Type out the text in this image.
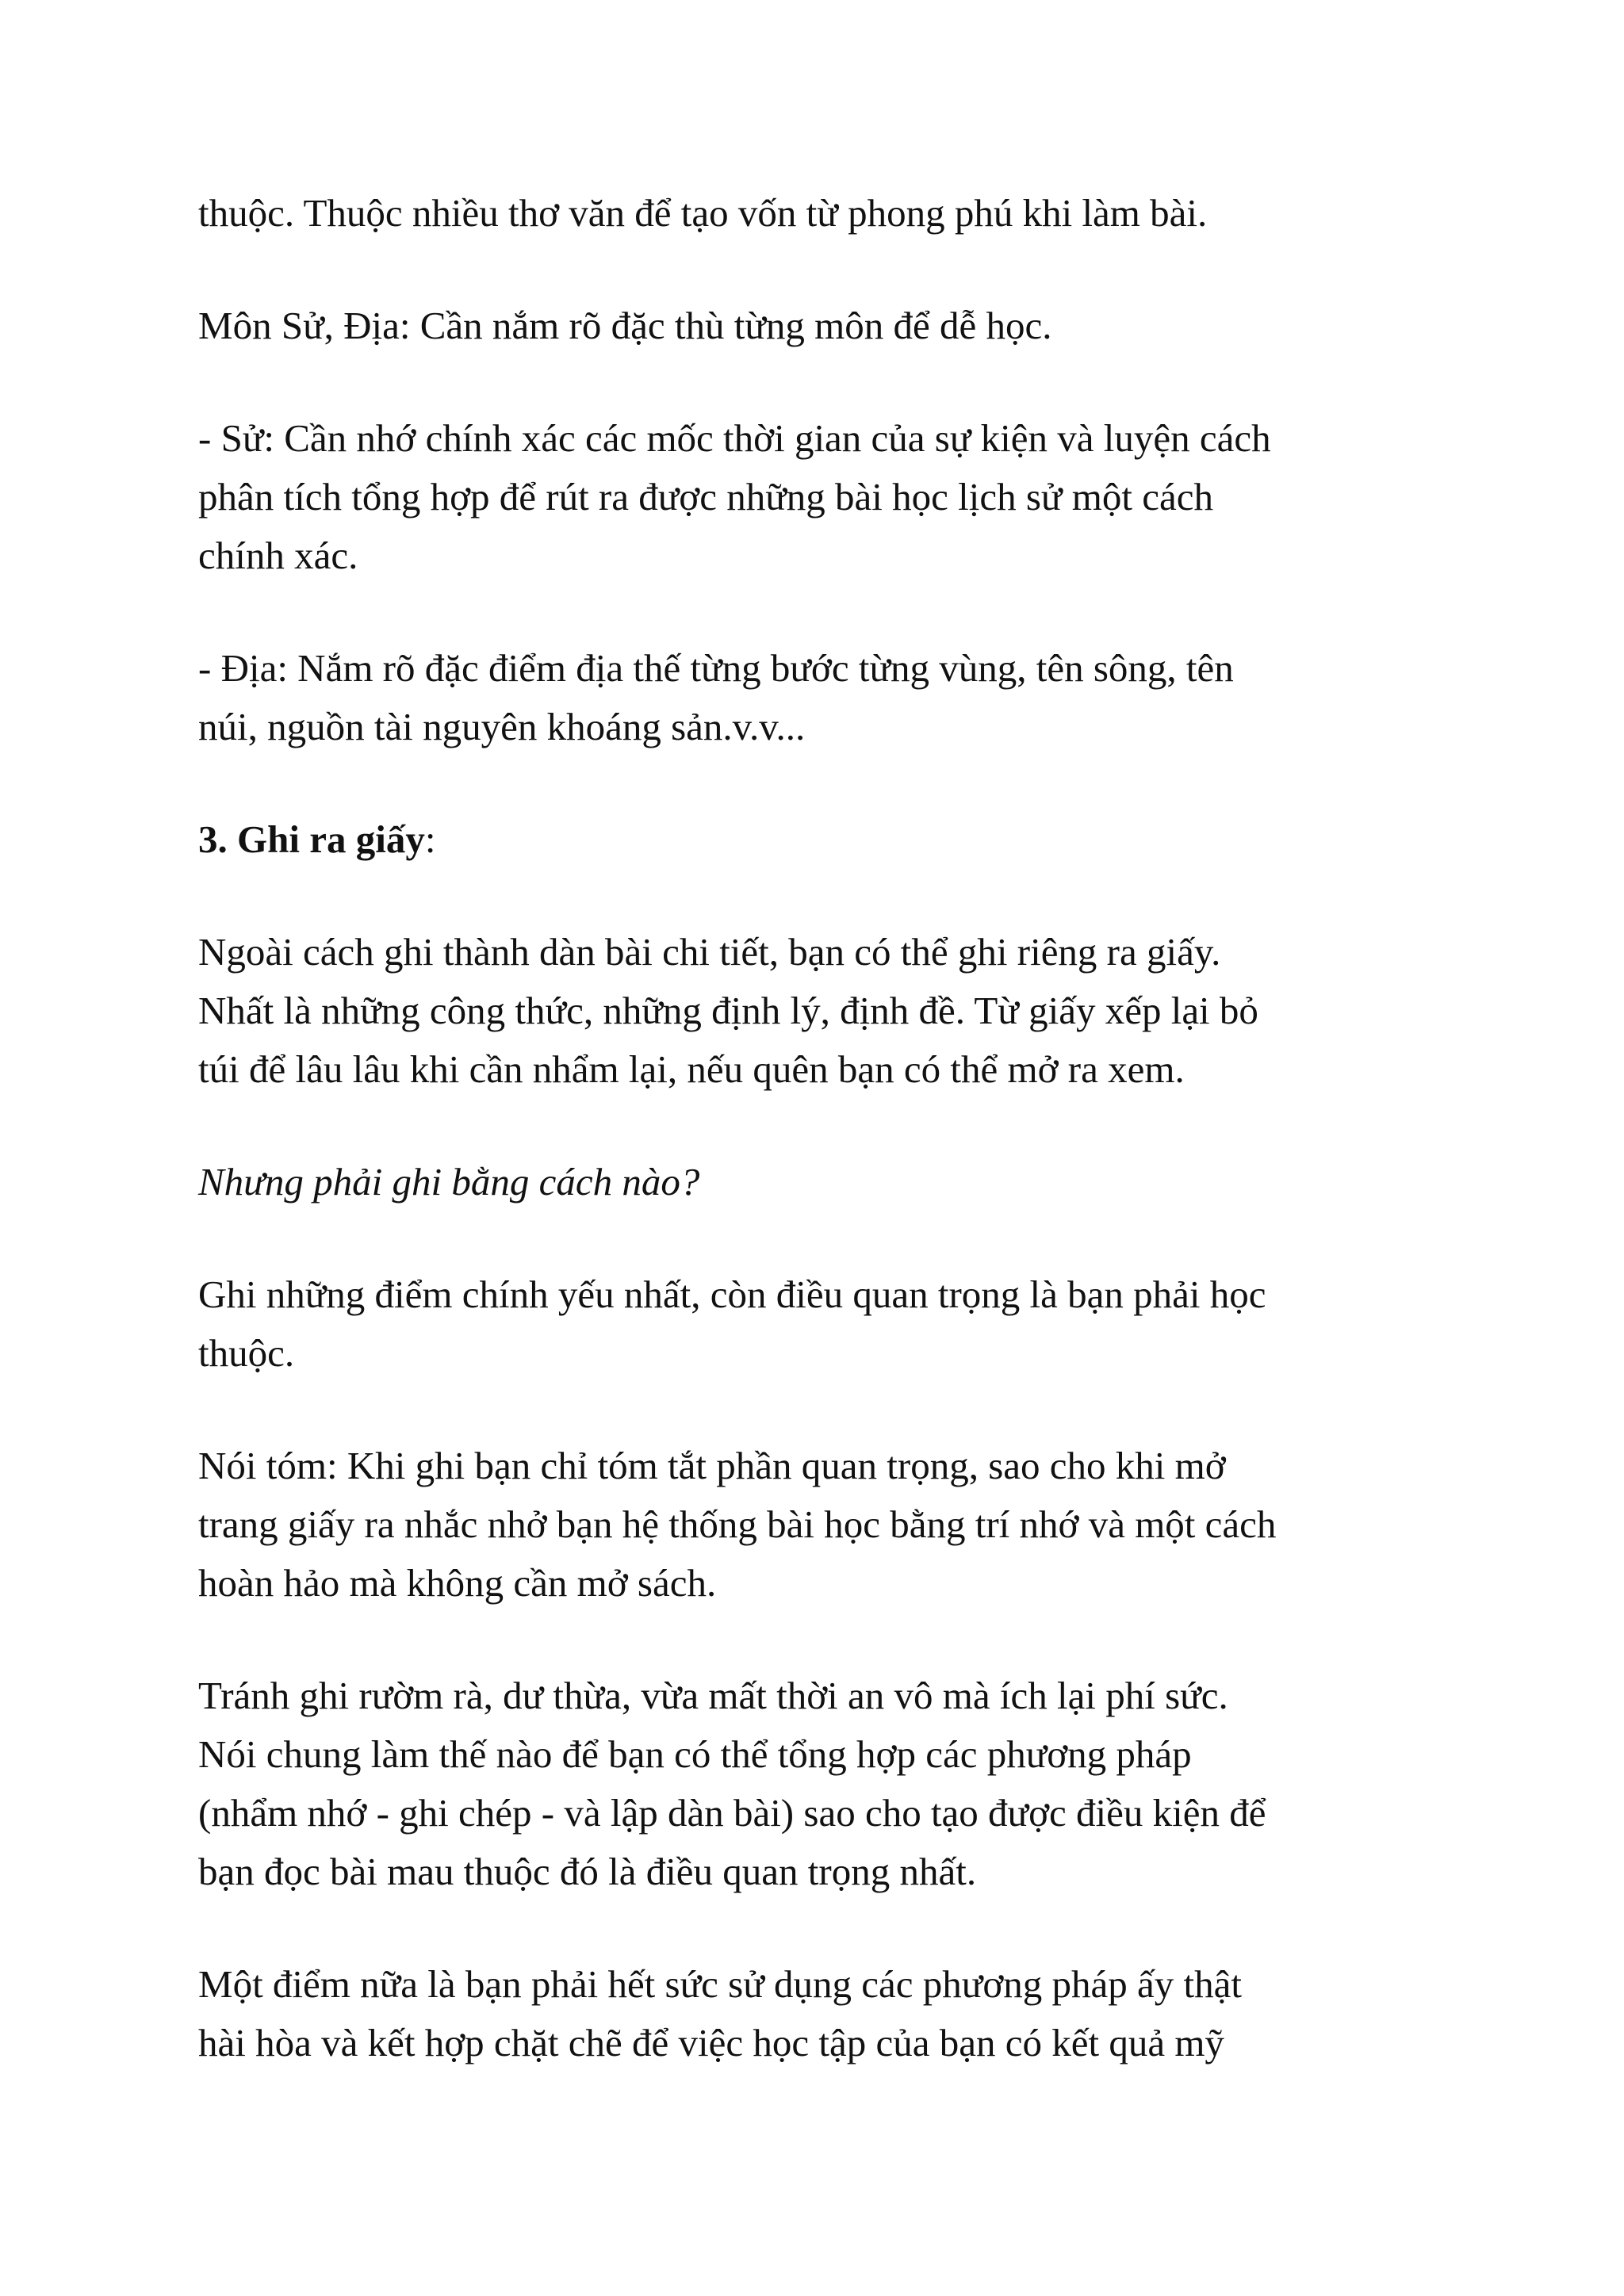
thuộc. Thuộc nhiều thơ văn để tạo vốn từ phong phú khi làm bài.

Môn Sử, Địa: Cần nắm rõ đặc thù từng môn để dễ học.

- Sử: Cần nhớ chính xác các mốc thời gian của sự kiện và luyện cách
phân tích tổng hợp để rút ra được những bài học lịch sử một cách
chính xác.

- Địa: Nắm rõ đặc điểm địa thế từng bước từng vùng, tên sông, tên
núi, nguồn tài nguyên khoáng sản.v.v...

3. Ghi ra giấy:

Ngoài cách ghi thành dàn bài chi tiết, bạn có thể ghi riêng ra giấy.
Nhất là những công thức, những định lý, định đề. Từ giấy xếp lại bỏ
túi để lâu lâu khi cần nhẩm lại, nếu quên bạn có thể mở ra xem.

Nhưng phải ghi bằng cách nào?

Ghi những điểm chính yếu nhất, còn điều quan trọng là bạn phải học
thuộc.

Nói tóm: Khi ghi bạn chỉ tóm tắt phần quan trọng, sao cho khi mở
trang giấy ra nhắc nhở bạn hệ thống bài học bằng trí nhớ và một cách
hoàn hảo mà không cần mở sách.

Tránh ghi rườm rà, dư thừa, vừa mất thời an vô mà ích lại phí sức.
Nói chung làm thế nào để bạn có thể tổng hợp các phương pháp
(nhẩm nhớ - ghi chép - và lập dàn bài) sao cho tạo được điều kiện để
bạn đọc bài mau thuộc đó là điều quan trọng nhất.

Một điểm nữa là bạn phải hết sức sử dụng các phương pháp ấy thật
hài hòa và kết hợp chặt chẽ để việc học tập của bạn có kết quả mỹ
